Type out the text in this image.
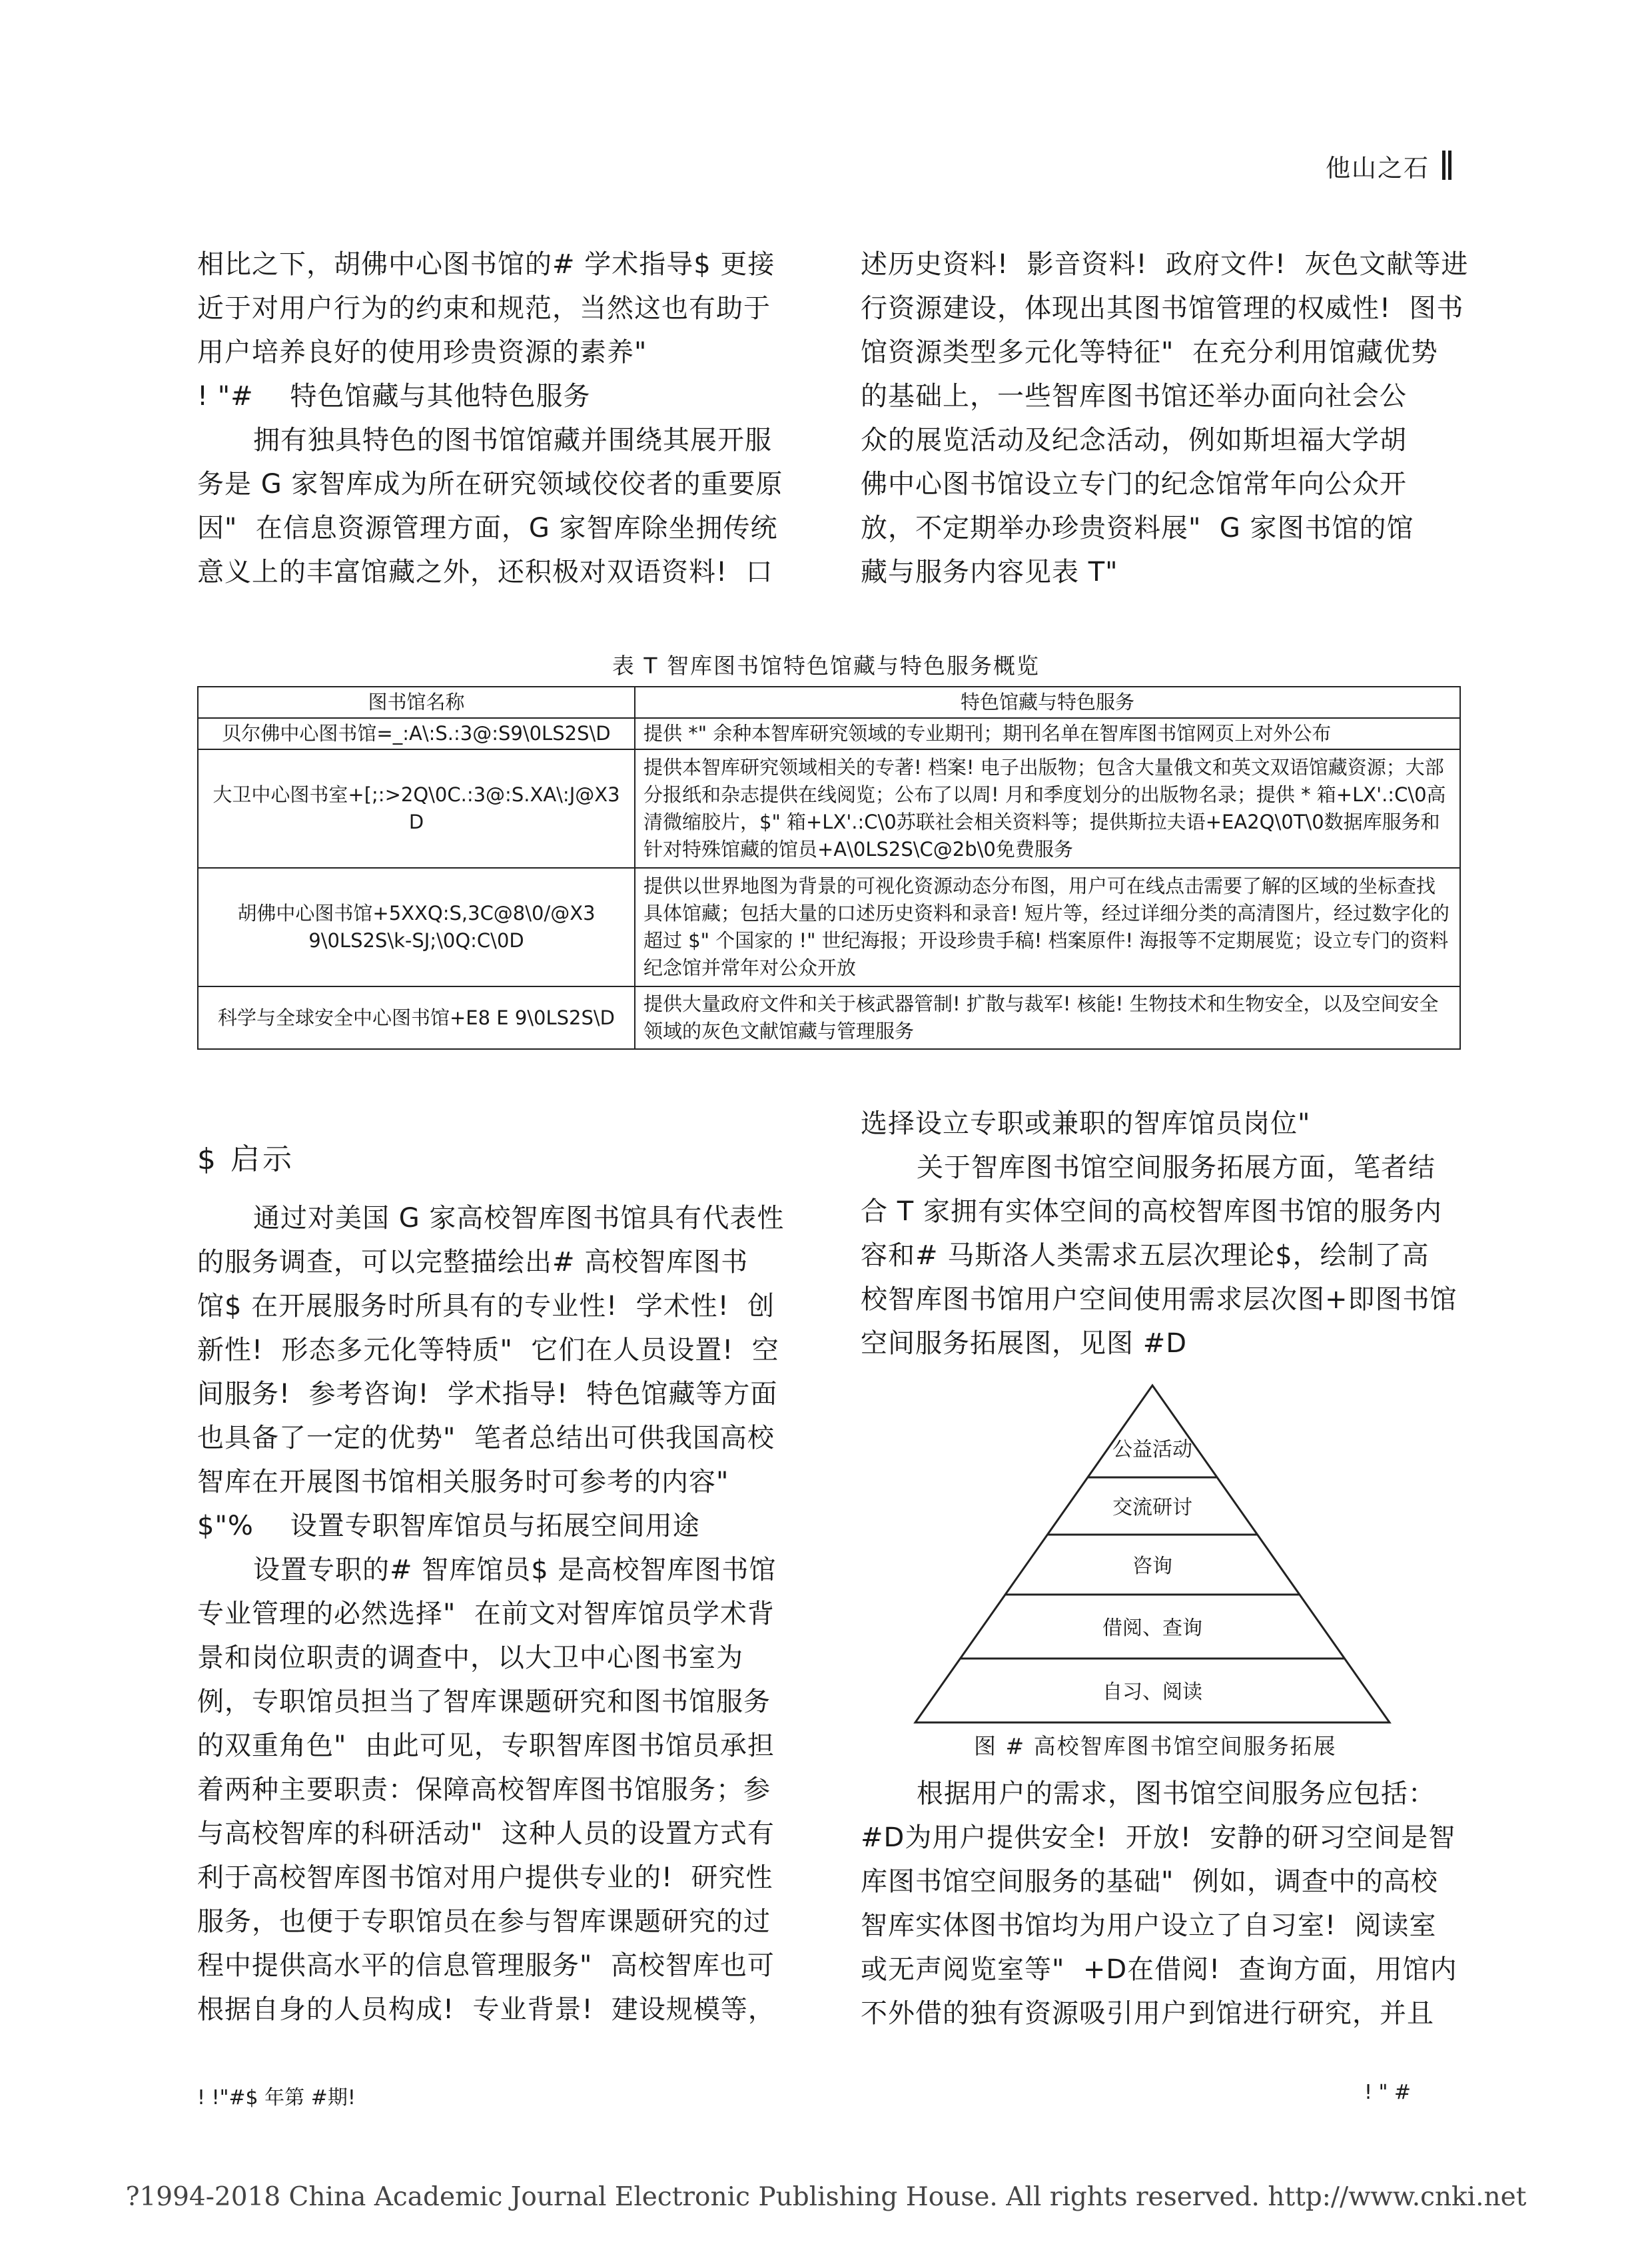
他山之石

相比之下，胡佛中心图书馆的# 学术指导$ 更接

近于对用户行为的约束和规范，当然这也有助于

用户培养良好的使用珍贵资源的素养"

! "#    特色馆藏与其他特色服务

拥有独具特色的图书馆馆藏并围绕其展开服

务是 G 家智库成为所在研究领域佼佼者的重要原

因"  在信息资源管理方面，G 家智库除坐拥传统

意义上的丰富馆藏之外，还积极对双语资料!  口

述历史资料!  影音资料!  政府文件!  灰色文献等进

行资源建设，体现出其图书馆管理的权威性!  图书

馆资源类型多元化等特征"  在充分利用馆藏优势

的基础上，一些智库图书馆还举办面向社会公

众的展览活动及纪念活动，例如斯坦福大学胡

佛中心图书馆设立专门的纪念馆常年向公众开

放，不定期举办珍贵资料展"  G 家图书馆的馆

藏与服务内容见表 T"

表 T 智库图书馆特色馆藏与特色服务概览
图书馆名称	特色馆藏与特色服务
贝尔佛中心图书馆=_:A\:S.:3@:S9\0LS2S\D	提供 *" 余种本智库研究领域的专业期刊；期刊名单在智库图书馆网页上对外公布
大卫中心图书室+[;:>2Q\0C.:3@:S.XA\:J@X3 D	提供本智库研究领域相关的专著! 档案! 电子出版物；包含大量俄文和英文双语馆藏资源；大部分报纸和杂志提供在线阅览；公布了以周! 月和季度划分的出版物名录；提供 * 箱+LX'.:C\0高清微缩胶片，$" 箱+LX'.:C\0苏联社会相关资料等；提供斯拉夫语+EA2Q\0T\0数据库服务和针对特殊馆藏的馆员+A\0LS2S\C@2b\0免费服务
胡佛中心图书馆+5XXQ:S,3C@8\0/@X3 9\0LS2S\k-SJ;\0Q:C\0D	提供以世界地图为背景的可视化资源动态分布图，用户可在线点击需要了解的区域的坐标查找具体馆藏；包括大量的口述历史资料和录音! 短片等，经过详细分类的高清图片，经过数字化的超过 $" 个国家的 !" 世纪海报；开设珍贵手稿! 档案原件! 海报等不定期展览；设立专门的资料纪念馆并常年对公众开放
科学与全球安全中心图书馆+E8 E 9\0LS2S\D	提供大量政府文件和关于核武器管制! 扩散与裁军! 核能! 生物技术和生物安全，以及空间安全领域的灰色文献馆藏与管理服务
$ 启示

通过对美国 G 家高校智库图书馆具有代表性

的服务调查，可以完整描绘出# 高校智库图书

馆$ 在开展服务时所具有的专业性!  学术性!  创

新性!  形态多元化等特质"  它们在人员设置!  空

间服务!  参考咨询!  学术指导!  特色馆藏等方面

也具备了一定的优势"  笔者总结出可供我国高校

智库在开展图书馆相关服务时可参考的内容"

$"%    设置专职智库馆员与拓展空间用途

设置专职的# 智库馆员$ 是高校智库图书馆

专业管理的必然选择"  在前文对智库馆员学术背

景和岗位职责的调查中，以大卫中心图书室为

例，专职馆员担当了智库课题研究和图书馆服务

的双重角色"  由此可见，专职智库图书馆员承担

着两种主要职责：保障高校智库图书馆服务；参

与高校智库的科研活动"  这种人员的设置方式有

利于高校智库图书馆对用户提供专业的!  研究性

服务，也便于专职馆员在参与智库课题研究的过

程中提供高水平的信息管理服务"  高校智库也可

根据自身的人员构成!  专业背景!  建设规模等，

选择设立专职或兼职的智库馆员岗位"

关于智库图书馆空间服务拓展方面，笔者结

合 T 家拥有实体空间的高校智库图书馆的服务内

容和# 马斯洛人类需求五层次理论$，绘制了高

校智库图书馆用户空间使用需求层次图+即图书馆

空间服务拓展图，见图 #D

公益活动
交流研讨
咨询
借阅、查询
自习、阅读
图 # 高校智库图书馆空间服务拓展

根据用户的需求，图书馆空间服务应包括：

#D为用户提供安全!  开放!  安静的研习空间是智

库图书馆空间服务的基础"  例如，调查中的高校

智库实体图书馆均为用户设立了自习室!  阅读室

或无声阅览室等"  +D在借阅!  查询方面，用馆内

不外借的独有资源吸引用户到馆进行研究，并且

! !"#$ 年第 #期!	! " #
?1994-2018 China Academic Journal Electronic Publishing House. All rights reserved. http://www.cnki.net
